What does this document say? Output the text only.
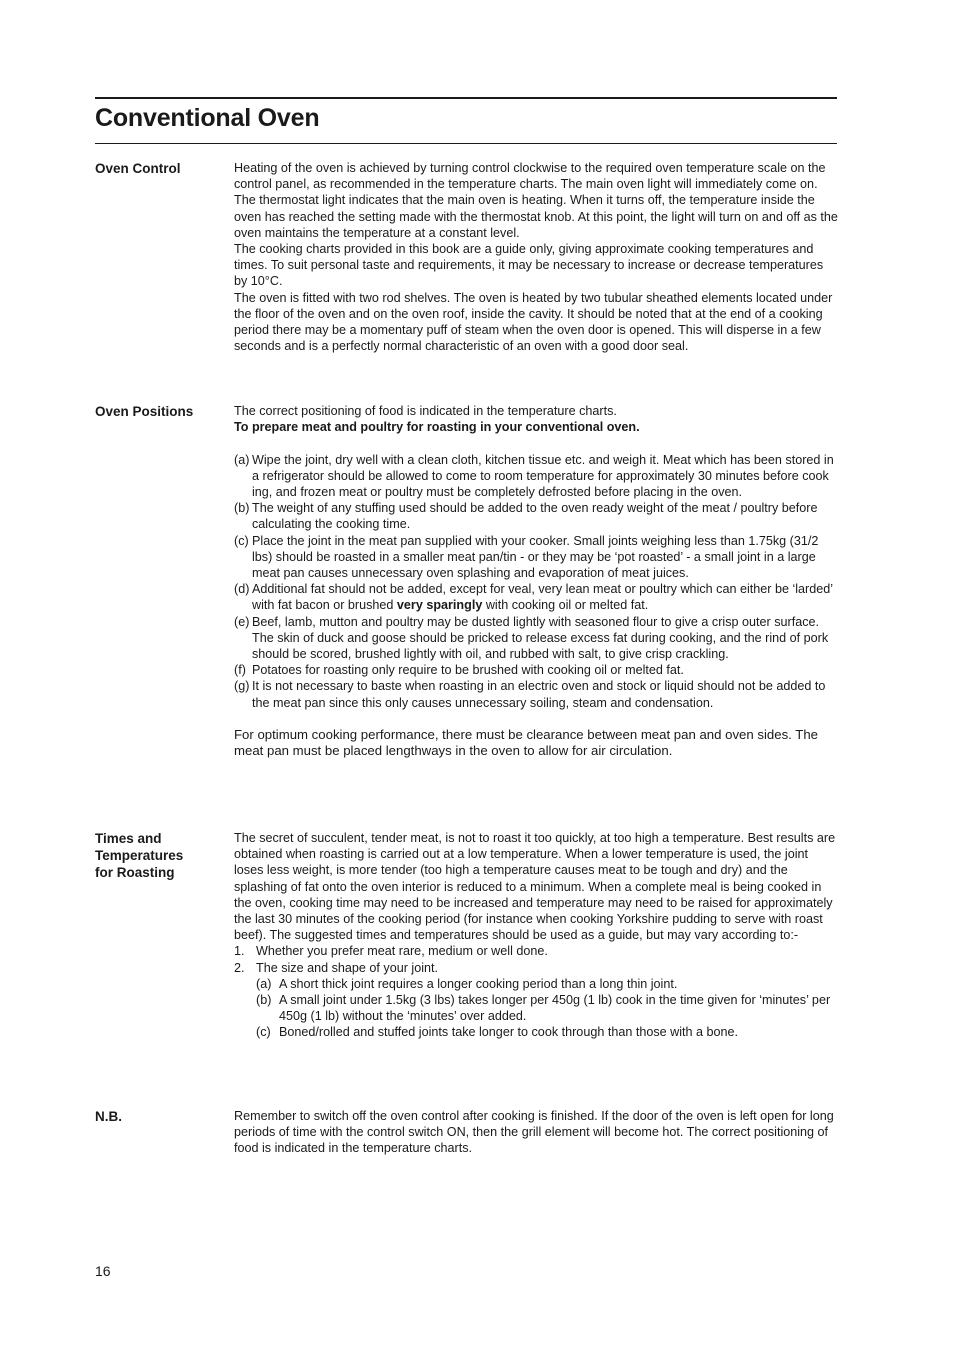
Conventional Oven
Oven Control	Heating of the oven is achieved by turning control clockwise to the required oven temperature scale on the control panel, as recommended in the temperature charts. The main oven light will immediately come on.

The thermostat light indicates that the main oven is heating. When it turns off, the temperature inside the oven has reached the setting made with the thermostat knob. At this point, the light will turn on and off as the oven maintains the temperature at a constant level.

The cooking charts provided in this book are a guide only, giving approximate cooking temperatures and times. To suit personal taste and requirements, it may be necessary to increase or decrease temperatures by 10°C.

The oven is fitted with two rod shelves. The oven is heated by two tubular sheathed elements located under the floor of the oven and on the oven roof, inside the cavity. It should be noted that at the end of a cooking period there may be a momentary puff of steam when the oven door is opened. This will disperse in a few seconds and is a perfectly normal characteristic of an oven with a good door seal.

Oven Positions	The correct positioning of food is indicated in the temperature charts.

To prepare meat and poultry for roasting in your conventional oven.

(a) Wipe the joint, dry well with a clean cloth, kitchen tissue etc. and weigh it. Meat which has been stored in a refrigerator should be allowed to come to room temperature for approximately 30 minutes before cook ing, and frozen meat or poultry must be completely defrosted before placing in the oven.
(b) The weight of any stuffing used should be added to the oven ready weight of the meat / poultry before calculating the cooking time.
(c) Place the joint in the meat pan supplied with your cooker. Small joints weighing less than 1.75kg (31/2 lbs) should be roasted in a smaller meat pan/tin - or they may be ‘pot roasted’ - a small joint in a large meat pan causes unnecessary oven splashing and evaporation of meat juices.
(d) Additional fat should not be added, except for veal, very lean meat or poultry which can either be ‘larded’ with fat bacon or brushed very sparingly with cooking oil or melted fat.
(e) Beef, lamb, mutton and poultry may be dusted lightly with seasoned flour to give a crisp outer surface. The skin of duck and goose should be pricked to release excess fat during cooking, and the rind of pork should be scored, brushed lightly with oil, and rubbed with salt, to give crisp crackling.
(f) Potatoes for roasting only require to be brushed with cooking oil or melted fat.
(g) It is not necessary to baste when roasting in an electric oven and stock or liquid should not be added to the meat pan since this only causes unnecessary soiling, steam and condensation.

For optimum cooking performance, there must be clearance between meat pan and oven sides. The meat pan must be placed lengthways in the oven to allow for air circulation.

Times and Temperatures for Roasting

The secret of succulent, tender meat, is not to roast it too quickly, at too high a temperature. Best results are obtained when roasting is carried out at a low temperature. When a lower temperature is used, the joint loses less weight, is more tender (too high a temperature causes meat to be tough and dry) and the splashing of fat onto the oven interior is reduced to a minimum. When a complete meal is being cooked in the oven, cooking time may need to be increased and temperature may need to be raised for approximately the last 30 minutes of the cooking period (for instance when cooking Yorkshire pudding to serve with roast beef). The suggested times and temperatures should be used as a guide, but may vary according to:-

1. Whether you prefer meat rare, medium or well done.
2. The size and shape of your joint.
(a) A short thick joint requires a longer cooking period than a long thin joint.
(b) A small joint under 1.5kg (3 lbs) takes longer per 450g (1 lb) cook in the time given for ‘minutes’ per 450g (1 lb) without the ‘minutes’ over added.
(c) Boned/rolled and stuffed joints take longer to cook through than those with a bone.
N.B.	Remember to switch off the oven control after cooking is finished. If the door of the oven is left open for long periods of time with the control switch ON, then the grill element will become hot. The correct positioning of food is indicated in the temperature charts.

16
